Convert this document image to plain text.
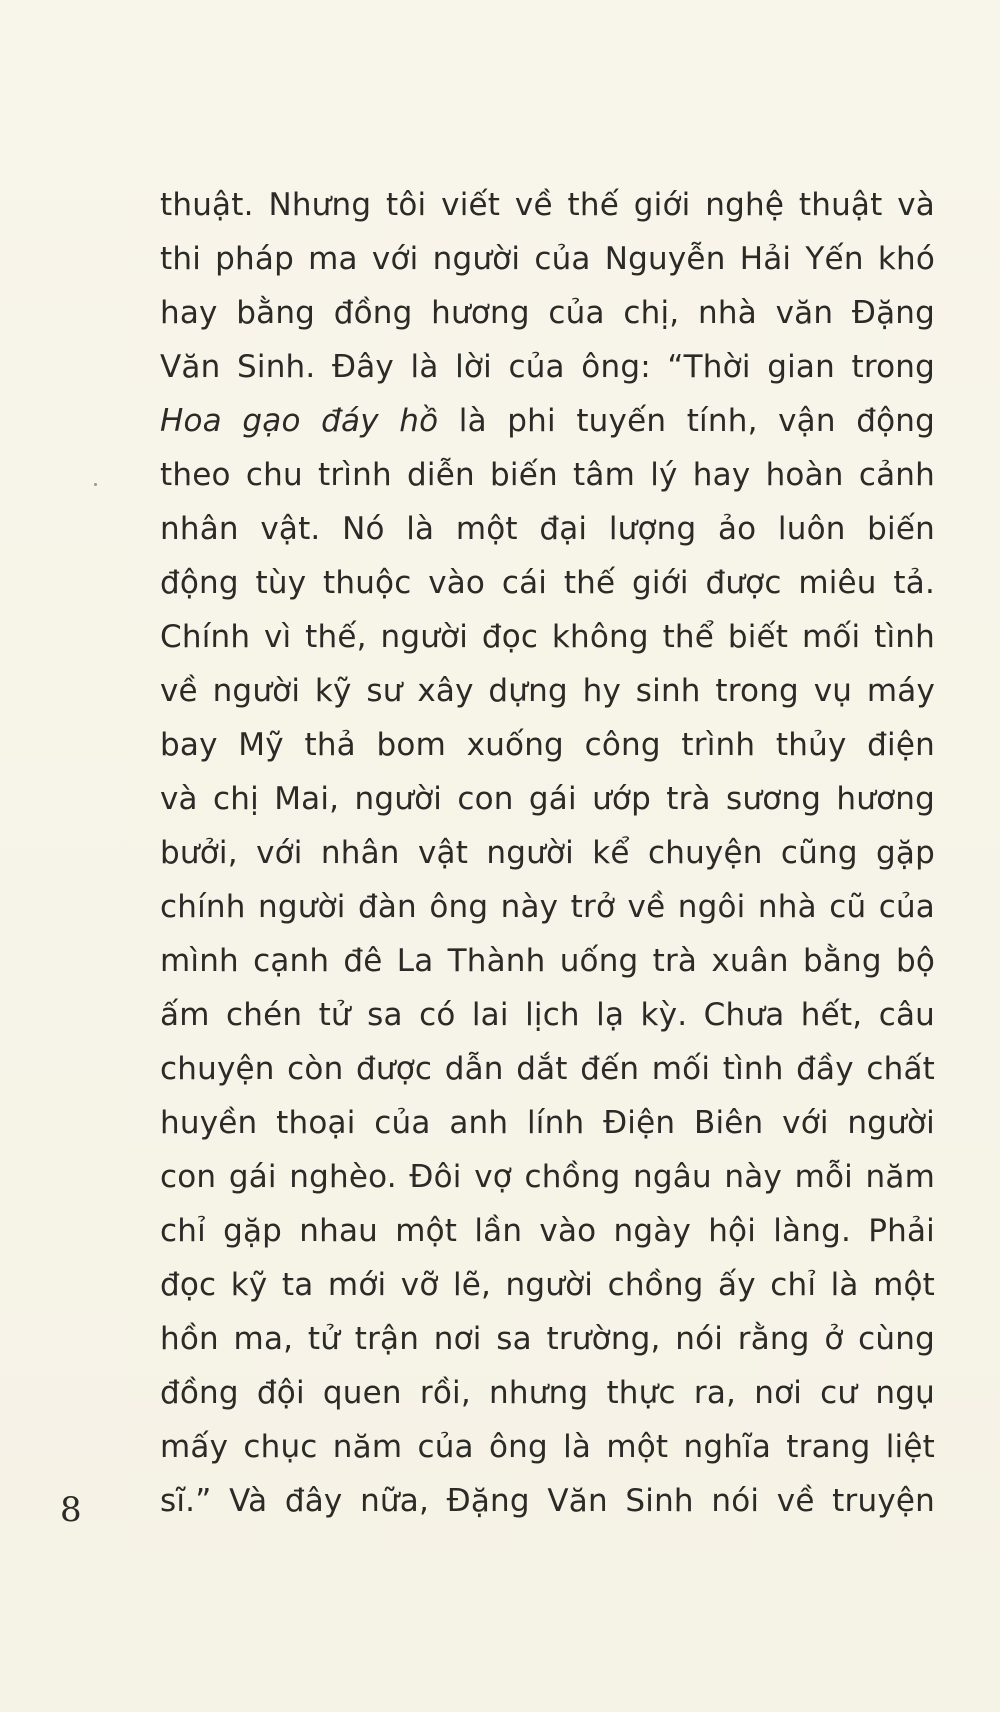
thuật. Nhưng tôi viết về thế giới nghệ thuật và
thi pháp ma với người của Nguyễn Hải Yến khó
hay bằng đồng hương của chị, nhà văn Đặng
Văn Sinh. Đây là lời của ông: “Thời gian trong
Hoa gạo đáy hồ là phi tuyến tính, vận động
theo chu trình diễn biến tâm lý hay hoàn cảnh
nhân vật. Nó là một đại lượng ảo luôn biến
động tùy thuộc vào cái thế giới được miêu tả.
Chính vì thế, người đọc không thể biết mối tình
về người kỹ sư xây dựng hy sinh trong vụ máy
bay Mỹ thả bom xuống công trình thủy điện
và chị Mai, người con gái ướp trà sương hương
bưởi, với nhân vật người kể chuyện cũng gặp
chính người đàn ông này trở về ngôi nhà cũ của
mình cạnh đê La Thành uống trà xuân bằng bộ
ấm chén tử sa có lai lịch lạ kỳ. Chưa hết, câu
chuyện còn được dẫn dắt đến mối tình đầy chất
huyền thoại của anh lính Điện Biên với người
con gái nghèo. Đôi vợ chồng ngâu này mỗi năm
chỉ gặp nhau một lần vào ngày hội làng. Phải
đọc kỹ ta mới vỡ lẽ, người chồng ấy chỉ là một
hồn ma, tử trận nơi sa trường, nói rằng ở cùng
đồng đội quen rồi, nhưng thực ra, nơi cư ngụ
mấy chục năm của ông là một nghĩa trang liệt
sĩ.” Và đây nữa, Đặng Văn Sinh nói về truyện
8
